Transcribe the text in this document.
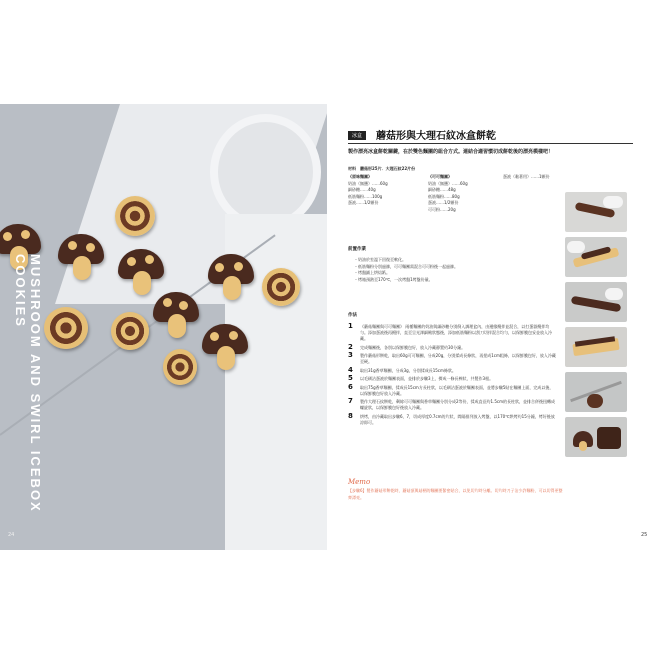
MUSHROOM AND SWIRL ICEBOX COOKIES
24
冰盒	蘑菇形與大理石紋冰盒餅乾
製作漂亮冰盒餅乾關鍵，在於雙色麵團的組合方式。連結合適習慣切成餅乾後的漂亮模樣吧！
材料　蘑菇形25片．大理石紋22片份
《原味麵團》
奶油（無鹽）……60g
細砂糖……40g
低筋麵粉……100g
蛋液……1/2顆份
《可可麵團》
奶油（無鹽）……60g
細砂糖……48g
低筋麵粉……80g
蛋液……1/2顆份
可可粉……20g
蛋液（黏著用）……1顆份
前置作業
・奶油於室溫下回復至軟化。
・低筋麵粉分別過篩，可可麵團需混合可可粉後一起過篩。
・烤盤鋪上烘焙紙。
・烤箱預熱至170℃，一次烤盤1烤盤份量。
作法
1 《蘑菇麵團與可可麵團》 兩種麵團的奶油與細砂糖分別倒入調理盆內，由邊緣攪拌並混合，以打蛋器攪拌均勻。添加蛋液後再攪拌，直至呈光澤細緻狀態後，添加低筋麵粉以刮刀切拌混合均勻，以保鮮膜包妥並放入冷藏。
2 完成麵團後，各別以保鮮膜包好，放入冷藏靜置約30分鐘。
3 製作蘑菇形餅乾，取出60g可可麵團，分成20g，分別揉成長條狀，再捏成1cm粗條，以保鮮膜包好，放入冷藏至硬。
4 取出31g香草麵團，分成3g，分別揉成長15cm條狀。
5 以毛刷沾蛋液於麵團表面，並排於步驟3上，擠成一條長棒狀，共製作3根。
6 取出75g香草麵團，揉成長15cm方長柱狀，以毛刷沾蛋液於麵團表面，並將步驟5貼在麵團上面，完成以後，以保鮮膜包好放入冷藏。
7 製作大理石紋餅乾，剩餘可可麵團與香草麵團分別分成2等份，揉成直徑約1.5cm的長柱狀，並排合併後扭轉成螺旋狀，以保鮮膜包好後放入冷藏。
8 烘烤，由冷藏取出步驟6、7，切成厚度0.7cm的片狀，間隔排列放入烤盤，以170℃烘烤約15分鐘，烤好後放涼即可。
Memo
【步驟6】製作蘑菇形餅乾時，蘑菇頂與菇柄的麵團要緊密貼合，以免切片時分離。切片時刀子沾少許麵粉，可以切得更整齊漂亮。
25
